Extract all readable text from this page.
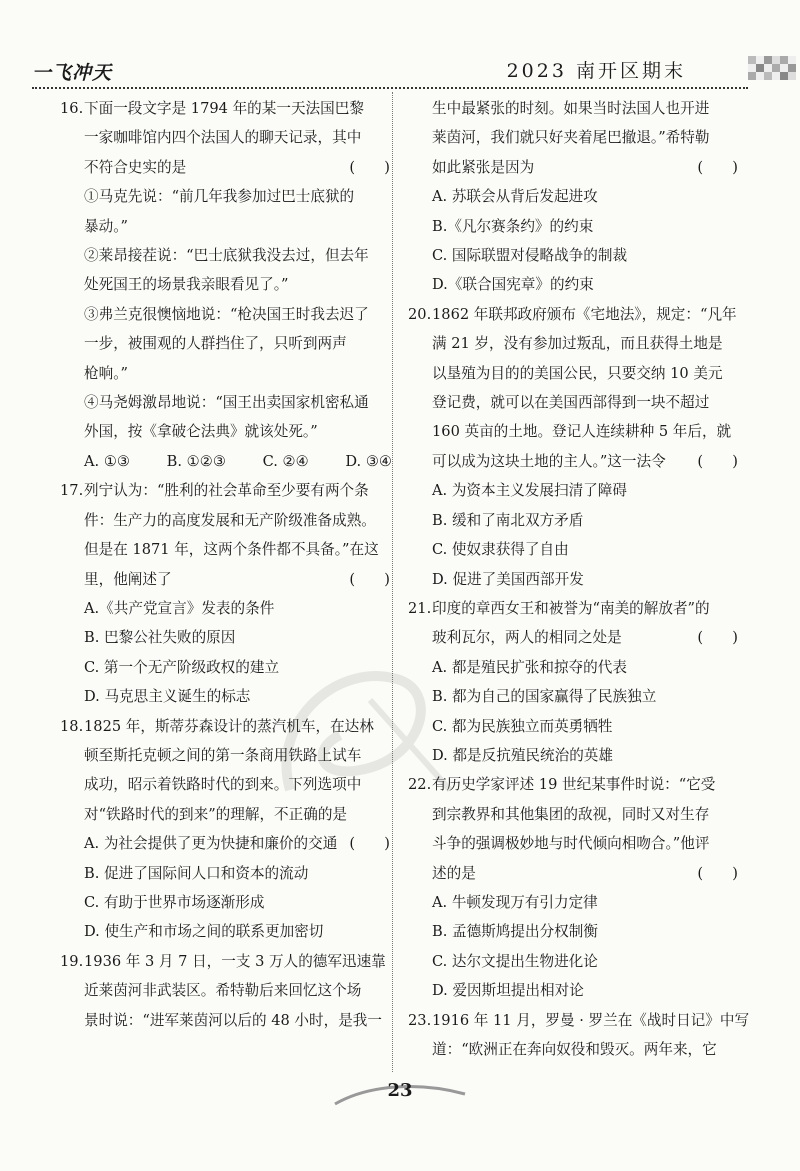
一飞冲天	2023 南开区期末
16.下面一段文字是 1794 年的某一天法国巴黎
一家咖啡馆内四个法国人的聊天记录，其中
不符合史实的是	(　　)
①马克先说：“前几年我参加过巴士底狱的
暴动。”
②莱昂接茬说：“巴士底狱我没去过，但去年
处死国王的场景我亲眼看见了。”
③弗兰克很懊恼地说：“枪决国王时我去迟了
一步，被围观的人群挡住了，只听到两声
枪响。”
④马尧姆激昂地说：“国王出卖国家机密私通
外国，按《拿破仑法典》就该处死。”
A. ①③	B. ①②③	C. ②④	D. ③④
17.列宁认为：“胜利的社会革命至少要有两个条
件：生产力的高度发展和无产阶级准备成熟。
但是在 1871 年，这两个条件都不具备。”在这
里，他阐述了	(　　)
A.《共产党宣言》发表的条件
B. 巴黎公社失败的原因
C. 第一个无产阶级政权的建立
D. 马克思主义诞生的标志
18.1825 年，斯蒂芬森设计的蒸汽机车，在达林
顿至斯托克顿之间的第一条商用铁路上试车
成功，昭示着铁路时代的到来。下列选项中
对“铁路时代的到来”的理解，不正确的是
(　　)
A. 为社会提供了更为快捷和廉价的交通
B. 促进了国际间人口和资本的流动
C. 有助于世界市场逐渐形成
D. 使生产和市场之间的联系更加密切
19.1936 年 3 月 7 日，一支 3 万人的德军迅速靠
近莱茵河非武装区。希特勒后来回忆这个场
景时说：“进军莱茵河以后的 48 小时，是我一
生中最紧张的时刻。如果当时法国人也开进
莱茵河，我们就只好夹着尾巴撤退。”希特勒
如此紧张是因为	(　　)
A. 苏联会从背后发起进攻
B.《凡尔赛条约》的约束
C. 国际联盟对侵略战争的制裁
D.《联合国宪章》的约束
20.1862 年联邦政府颁布《宅地法》，规定：“凡年
满 21 岁，没有参加过叛乱，而且获得土地是
以垦殖为目的的美国公民，只要交纳 10 美元
登记费，就可以在美国西部得到一块不超过
160 英亩的土地。登记人连续耕种 5 年后，就
可以成为这块土地的主人。”这一法令 (　　)
A. 为资本主义发展扫清了障碍
B. 缓和了南北双方矛盾
C. 使奴隶获得了自由
D. 促进了美国西部开发
21.印度的章西女王和被誉为“南美的解放者”的
玻利瓦尔，两人的相同之处是	(　　)
A. 都是殖民扩张和掠夺的代表
B. 都为自己的国家赢得了民族独立
C. 都为民族独立而英勇牺牲
D. 都是反抗殖民统治的英雄
22.有历史学家评述 19 世纪某事件时说：“它受
到宗教界和其他集团的敌视，同时又对生存
斗争的强调极妙地与时代倾向相吻合。”他评
述的是	(　　)
A. 牛顿发现万有引力定律
B. 孟德斯鸠提出分权制衡
C. 达尔文提出生物进化论
D. 爱因斯坦提出相对论
23.1916 年 11 月，罗曼 · 罗兰在《战时日记》中写
道：“欧洲正在奔向奴役和毁灭。两年来，它
23
